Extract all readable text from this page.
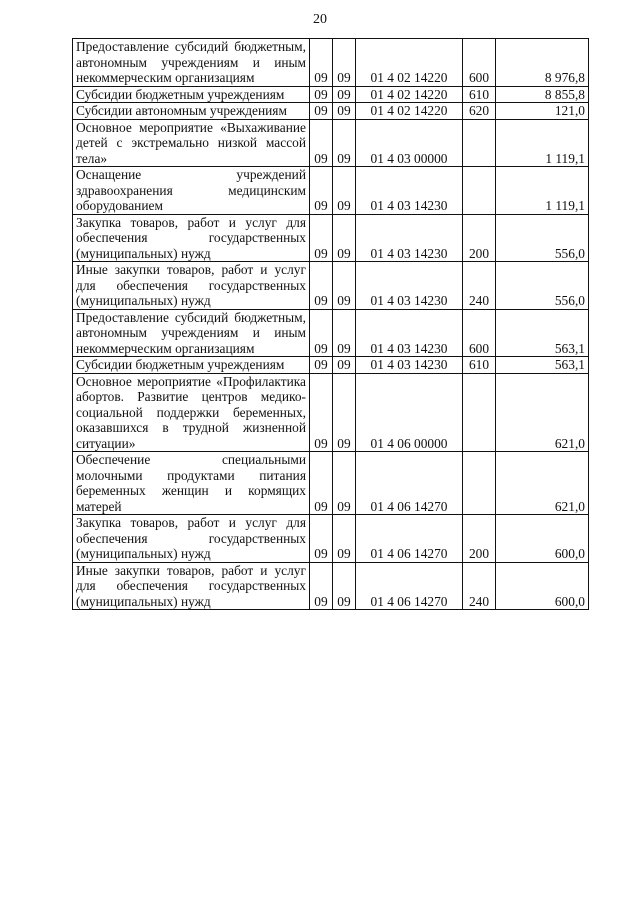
20
Предоставление субсидий бюджетным, автономным учреждениям и иным некоммерческим организациям	09	09	01 4 02 14220	600	8 976,8
Субсидии бюджетным учреждениям	09	09	01 4 02 14220	610	8 855,8
Субсидии автономным учреждениям	09	09	01 4 02 14220	620	121,0
Основное мероприятие «Выхаживание детей с экстремально низкой массой тела»	09	09	01 4 03 00000		1 119,1
Оснащение учреждений здравоохранения медицинским оборудованием	09	09	01 4 03 14230		1 119,1
Закупка товаров, работ и услуг для обеспечения государственных (муниципальных) нужд	09	09	01 4 03 14230	200	556,0
Иные закупки товаров, работ и услуг для обеспечения государственных (муниципальных) нужд	09	09	01 4 03 14230	240	556,0
Предоставление субсидий бюджетным, автономным учреждениям и иным некоммерческим организациям	09	09	01 4 03 14230	600	563,1
Субсидии бюджетным учреждениям	09	09	01 4 03 14230	610	563,1
Основное мероприятие «Профилактика абортов. Развитие центров медико-социальной поддержки беременных, оказавшихся в трудной жизненной ситуации»	09	09	01 4 06 00000		621,0
Обеспечение специальными молочными продуктами питания беременных женщин и кормящих матерей	09	09	01 4 06 14270		621,0
Закупка товаров, работ и услуг для обеспечения государственных (муниципальных) нужд	09	09	01 4 06 14270	200	600,0
Иные закупки товаров, работ и услуг для обеспечения государственных (муниципальных) нужд	09	09	01 4 06 14270	240	600,0
